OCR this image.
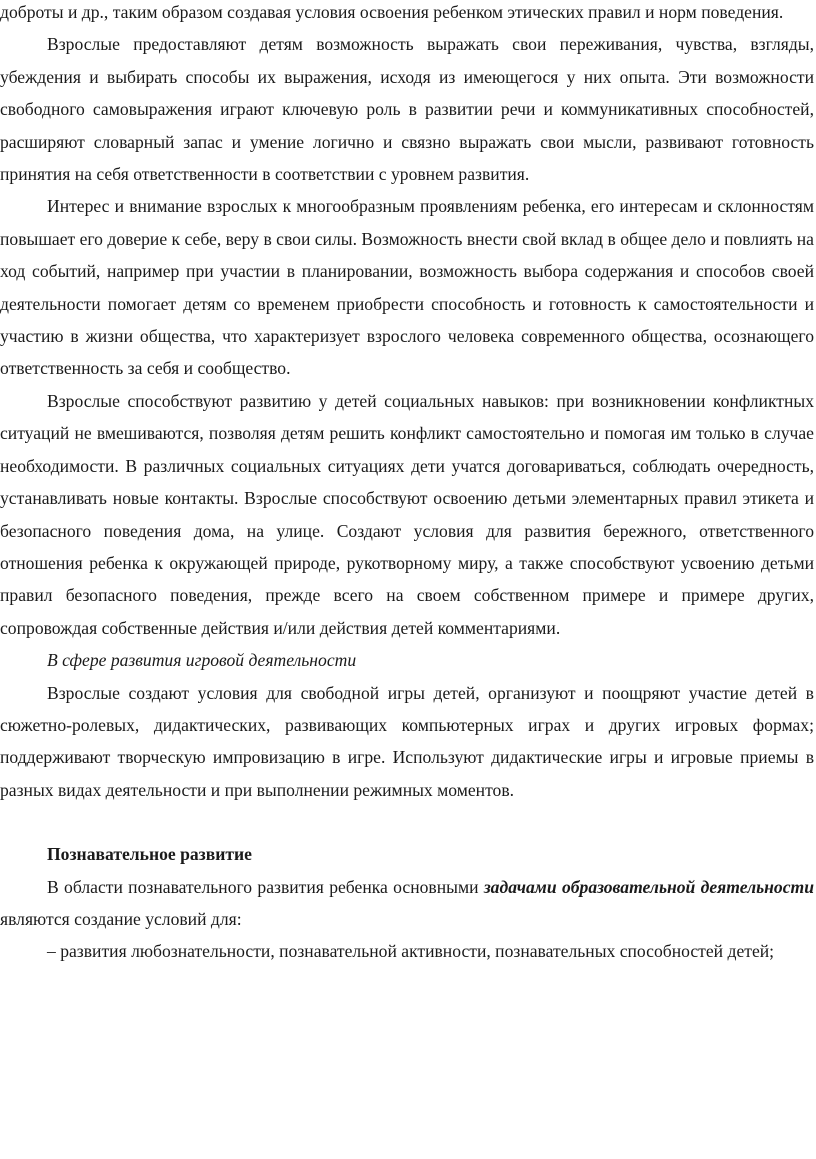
доброты и др., таким образом создавая условия освоения ребенком этических правил и норм поведения.

Взрослые предоставляют детям возможность выражать свои переживания, чувства, взгляды, убеждения и выбирать способы их выражения, исходя из имеющегося у них опыта. Эти возможности свободного самовыражения играют ключевую роль в развитии речи и коммуникативных способностей, расширяют словарный запас и умение логично и связно выражать свои мысли, развивают готовность принятия на себя ответственности в соответствии с уровнем развития.

Интерес и внимание взрослых к многообразным проявлениям ребенка, его интересам и склонностям повышает его доверие к себе, веру в свои силы. Возможность внести свой вклад в общее дело и повлиять на ход событий, например при участии в планировании, возможность выбора содержания и способов своей деятельности помогает детям со временем приобрести способность и готовность к самостоятельности и участию в жизни общества, что характеризует взрослого человека современного общества, осознающего ответственность за себя и сообщество.

Взрослые способствуют развитию у детей социальных навыков: при возникновении конфликтных ситуаций не вмешиваются, позволяя детям решить конфликт самостоятельно и помогая им только в случае необходимости. В различных социальных ситуациях дети учатся договариваться, соблюдать очередность, устанавливать новые контакты. Взрослые способствуют освоению детьми элементарных правил этикета и безопасного поведения дома, на улице. Создают условия для развития бережного, ответственного отношения ребенка к окружающей природе, рукотворному миру, а также способствуют усвоению детьми правил безопасного поведения, прежде всего на своем собственном примере и примере других, сопровождая собственные действия и/или действия детей комментариями.

В сфере развития игровой деятельности

Взрослые создают условия для свободной игры детей, организуют и поощряют участие детей в сюжетно-ролевых, дидактических, развивающих компьютерных играх и других игровых формах; поддерживают творческую импровизацию в игре. Используют дидактические игры и игровые приемы в разных видах деятельности и при выполнении режимных моментов.

Познавательное развитие

В области познавательного развития ребенка основными задачами образовательной деятельности являются создание условий для:

– развития любознательности, познавательной активности, познавательных способностей детей;
